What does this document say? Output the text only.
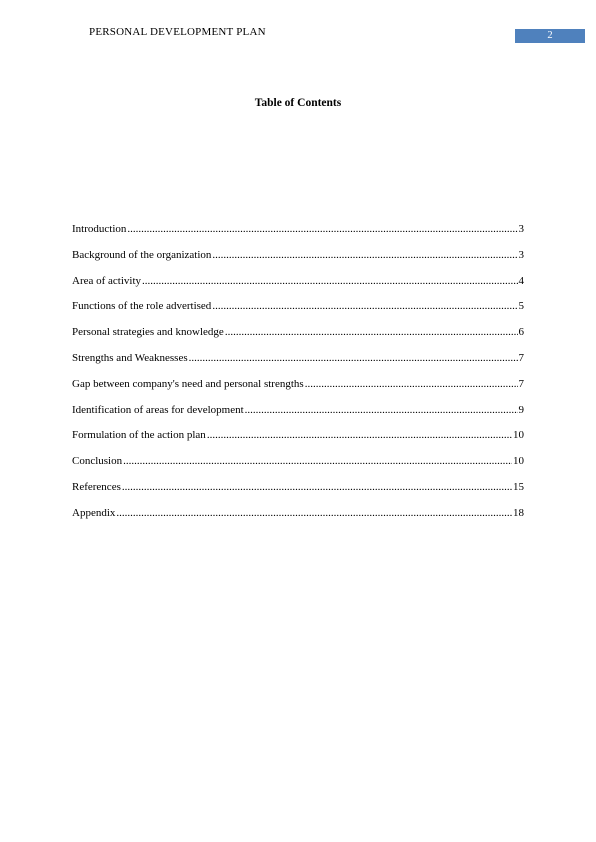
PERSONAL DEVELOPMENT PLAN	2
Table of Contents
Introduction .....	3
Background of the organization .....	3
Area of activity .....	4
Functions of the role advertised .....	5
Personal strategies and knowledge .....	6
Strengths and Weaknesses .....	7
Gap between company's need and personal strengths .....	7
Identification of areas for development .....	9
Formulation of the action plan .....	10
Conclusion .....	10
References .....	15
Appendix .....	18
